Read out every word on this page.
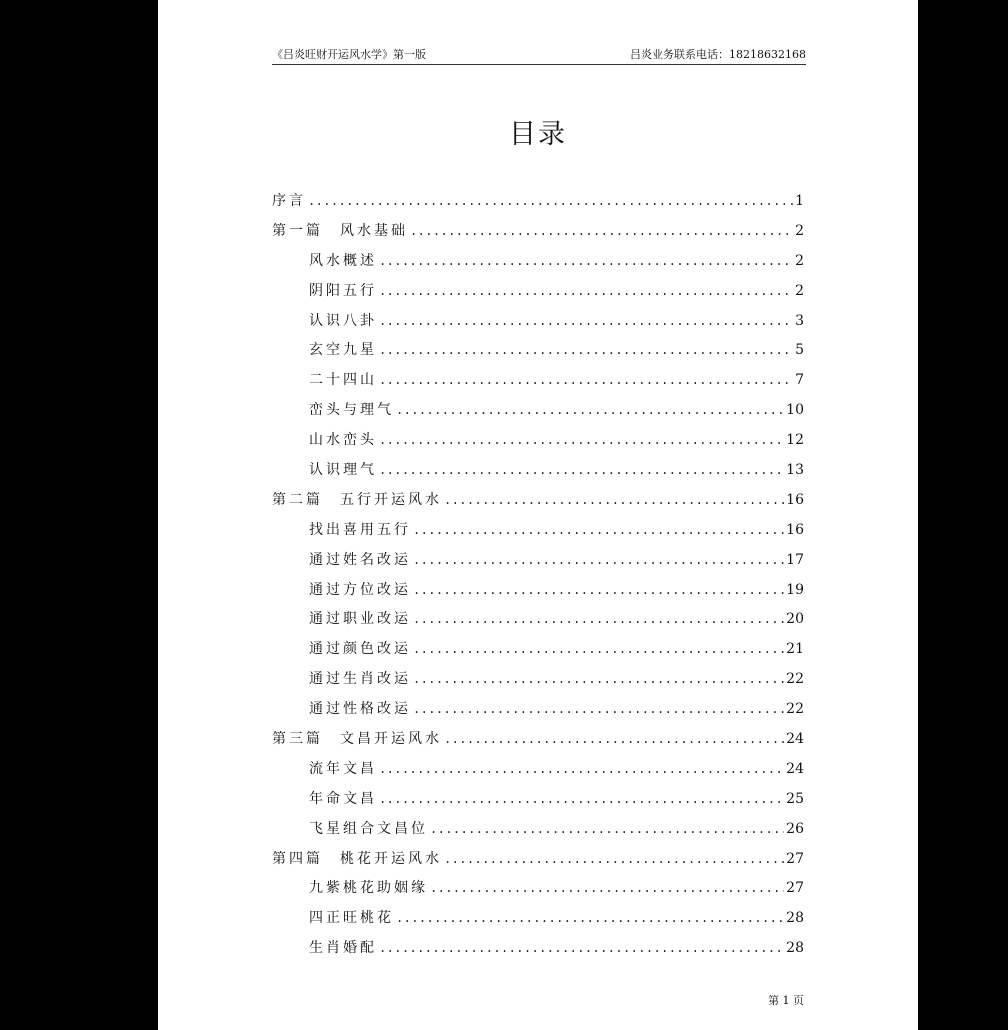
《吕炎旺财开运风水学》第一版	吕炎业务联系电话：18218632168
目录
序言 .....	1
第一篇　风水基础 .....	2
风水概述 .....	2
阴阳五行 .....	2
认识八卦 .....	3
玄空九星 .....	5
二十四山 .....	7
峦头与理气 .....	10
山水峦头 .....	12
认识理气 .....	13
第二篇　五行开运风水 .....	16
找出喜用五行 .....	16
通过姓名改运 .....	17
通过方位改运 .....	19
通过职业改运 .....	20
通过颜色改运 .....	21
通过生肖改运 .....	22
通过性格改运 .....	22
第三篇　文昌开运风水 .....	24
流年文昌 .....	24
年命文昌 .....	25
飞星组合文昌位 .....	26
第四篇　桃花开运风水 .....	27
九紫桃花助姻缘 .....	27
四正旺桃花 .....	28
生肖婚配 .....	28
第 1 页
